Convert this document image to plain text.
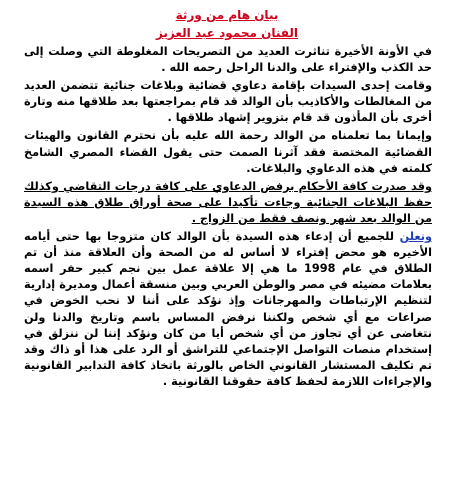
بيان هام من ورثة
الفنان محمود عبد العزيز

في الأونة الأخيرة تناثرت العديد من التصريحات المغلوطة التي وصلت إلى حد الكذب والإفتراء على والدنا الراحل رحمه الله .

وقامت إحدى السيدات بإقامة دعاوي قضائية وبلاغات جنائية تتضمن العديد من المغالطات والأكاذيب بأن الوالد قد قام بمراجعتها بعد طلاقها منه وتارة أخرى بأن المأذون قد قام بتزوير إشهاد طلاقها .

وإيمانا بما تعلمناه من الوالد رحمة الله عليه بأن نحترم القانون والهيئات القضائية المختصة فقد آثرنا الصمت حتى يقول القضاء المصري الشامخ كلمته في هذه الدعاوي والبلاغات.

وقد صدرت كافة الأحكام برفض الدعاوي على كافة درجات التقاضي وكذلك حفظ البلاغات الجنائية وجاءت تأكيدا على صحة أوراق طلاق هذه السيدة من الوالد بعد شهر ونصف فقط من الزواج .

ونعلن للجميع أن إدعاء هذه السيدة بأن الوالد كان متزوجا بها حتى أيامه الأخيره هو محض إفتراء لا أساس له من الصحة وأن العلاقة منذ أن تم الطلاق في عام 1998 ما هي إلا علاقة عمل بين نجم كبير حفر اسمه بعلامات مضيئه في مصر والوطن العربي وبين منسقة أعمال ومديرة إدارية لتنظيم الإرتباطات والمهرجانات وإذ نؤكد على أننا لا نحب الخوض في صراعات مع أي شخص ولكننا نرفض المساس باسم وتاريخ والدنا ولن نتغاضى عن أي تجاوز من أي شخص أيا من كان ونؤكد إننا لن ننزلق في إستخدام منصات التواصل الإجتماعي للتراشق أو الرد على هذا أو ذاك وقد تم تكليف المستشار القانوني الخاص بالورثة باتخاذ كافة التدابير القانونية والإجراءات اللازمة لحفظ كافة حقوقنا القانونية .
